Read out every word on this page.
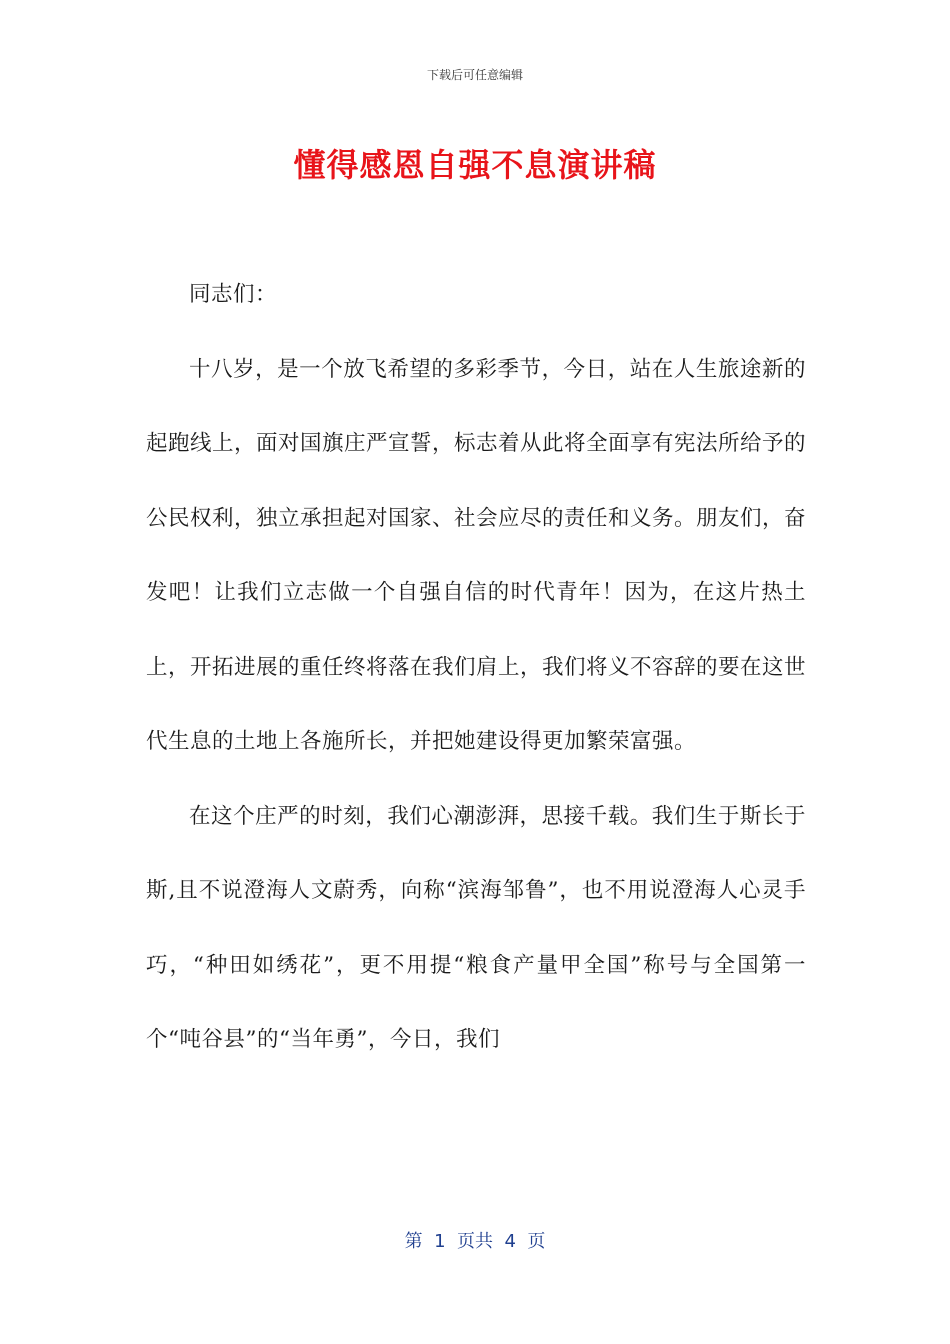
下载后可任意编辑
懂得感恩自强不息演讲稿

同志们：

十八岁，是一个放飞希望的多彩季节，今日，站在人生旅途新的起跑线上，面对国旗庄严宣誓，标志着从此将全面享有宪法所给予的公民权利，独立承担起对国家、社会应尽的责任和义务。朋友们，奋发吧！让我们立志做一个自强自信的时代青年！因为，在这片热土上，开拓进展的重任终将落在我们肩上，我们将义不容辞的要在这世代生息的土地上各施所长，并把她建设得更加繁荣富强。

在这个庄严的时刻，我们心潮澎湃，思接千载。我们生于斯长于斯,且不说澄海人文蔚秀，向称“滨海邹鲁”，也不用说澄海人心灵手巧，“种田如绣花”，更不用提“粮食产量甲全国”称号与全国第一个“吨谷县”的“当年勇”，今日，我们

第  1  页共  4  页
